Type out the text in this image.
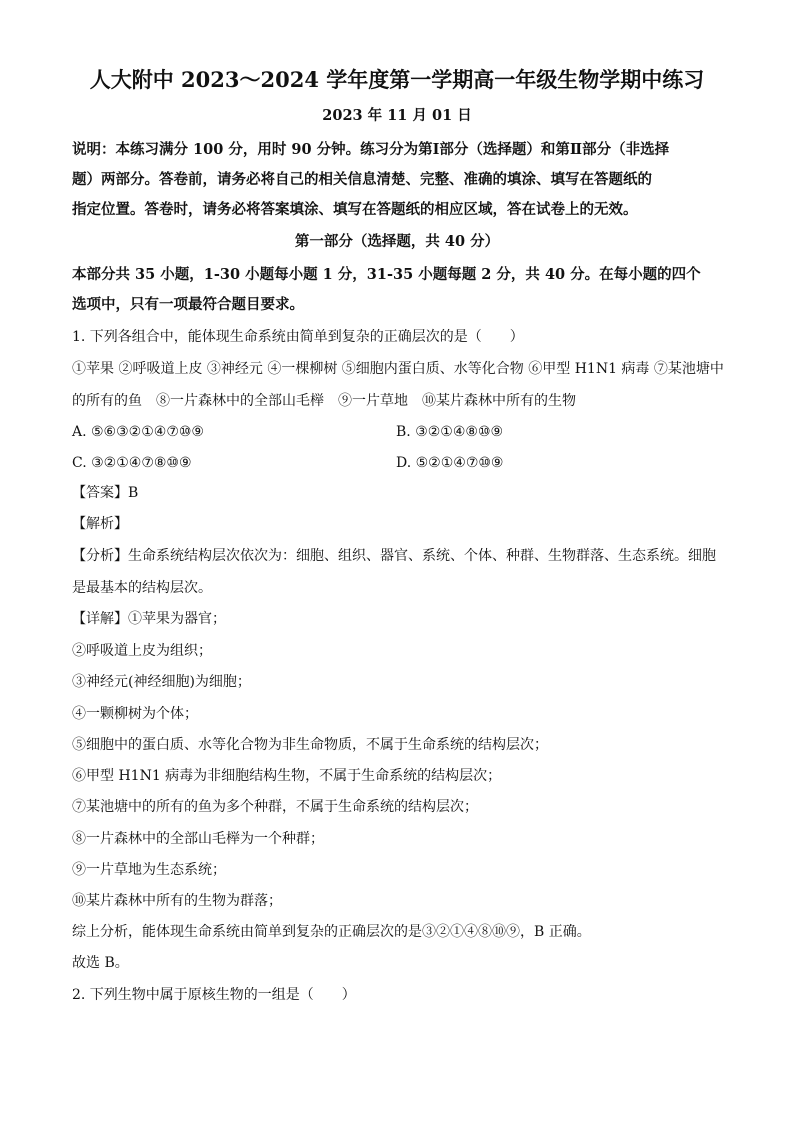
人大附中 2023～2024 学年度第一学期高一年级生物学期中练习
2023 年 11 月 01 日
说明：本练习满分 100 分，用时 90 分钟。练习分为第Ⅰ部分（选择题）和第Ⅱ部分（非选择
题）两部分。答卷前，请务必将自己的相关信息清楚、完整、准确的填涂、填写在答题纸的
指定位置。答卷时，请务必将答案填涂、填写在答题纸的相应区域，答在试卷上的无效。
第一部分（选择题，共 40 分）
本部分共 35 小题，1-30 小题每小题 1 分，31-35 小题每题 2 分，共 40 分。在每小题的四个
选项中，只有一项最符合题目要求。
1. 下列各组合中，能体现生命系统由简单到复杂的正确层次的是（　　）
①苹果 ②呼吸道上皮 ③神经元 ④一棵柳树 ⑤细胞内蛋白质、水等化合物 ⑥甲型 H1N1 病毒 ⑦某池塘中
的所有的鱼　⑧一片森林中的全部山毛榉　⑨一片草地　⑩某片森林中所有的生物
A. ⑤⑥③②①④⑦⑩⑨	B. ③②①④⑧⑩⑨
C. ③②①④⑦⑧⑩⑨	D. ⑤②①④⑦⑩⑨
【答案】B
【解析】
【分析】生命系统结构层次依次为：细胞、组织、器官、系统、个体、种群、生物群落、生态系统。细胞
是最基本的结构层次。
【详解】①苹果为器官；
②呼吸道上皮为组织；
③神经元(神经细胞)为细胞；
④一颗柳树为个体；
⑤细胞中的蛋白质、水等化合物为非生命物质，不属于生命系统的结构层次；
⑥甲型 H1N1 病毒为非细胞结构生物，不属于生命系统的结构层次；
⑦某池塘中的所有的鱼为多个种群，不属于生命系统的结构层次；
⑧一片森林中的全部山毛榉为一个种群；
⑨一片草地为生态系统；
⑩某片森林中所有的生物为群落；
综上分析，能体现生命系统由简单到复杂的正确层次的是③②①④⑧⑩⑨，B 正确。
故选 B。
2. 下列生物中属于原核生物的一组是（　　）
